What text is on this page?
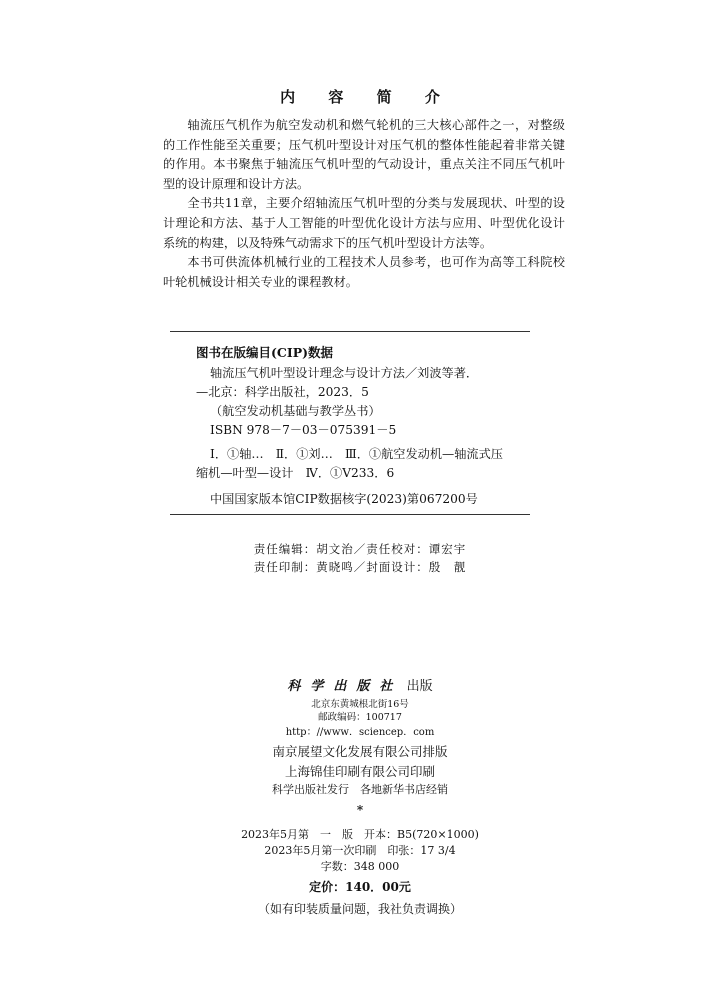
内 容 简 介

轴流压气机作为航空发动机和燃气轮机的三大核心部件之一，对整级的工作性能至关重要；压气机叶型设计对压气机的整体性能起着非常关键的作用。本书聚焦于轴流压气机叶型的气动设计，重点关注不同压气机叶型的设计原理和设计方法。

全书共11章，主要介绍轴流压气机叶型的分类与发展现状、叶型的设计理论和方法、基于人工智能的叶型优化设计方法与应用、叶型优化设计系统的构建，以及特殊气动需求下的压气机叶型设计方法等。

本书可供流体机械行业的工程技术人员参考，也可作为高等工科院校叶轮机械设计相关专业的课程教材。

图书在版编目(CIP)数据
轴流压气机叶型设计理念与设计方法／刘波等著．
—北京：科学出版社，2023．5
（航空发动机基础与教学丛书）
ISBN 978－7－03－075391－5
Ⅰ．①轴…　Ⅱ．①刘…　Ⅲ．①航空发动机—轴流式压
缩机—叶型—设计　Ⅳ．①V233．6
中国国家版本馆CIP数据核字(2023)第067200号
责任编辑：胡文治／责任校对：谭宏宇
责任印制：黄晓鸣／封面设计：殷　靓
科学出版社 出版
北京东黄城根北街16号
邮政编码：100717
http：//www．sciencep．com
南京展望文化发展有限公司排版
上海锦佳印刷有限公司印刷
科学出版社发行　各地新华书店经销
*
2023年5月第　一　版　开本：B5(720×1000)
2023年5月第一次印刷　印张：17 3/4
字数：348 000
定价：140．00元
（如有印装质量问题，我社负责调换）
